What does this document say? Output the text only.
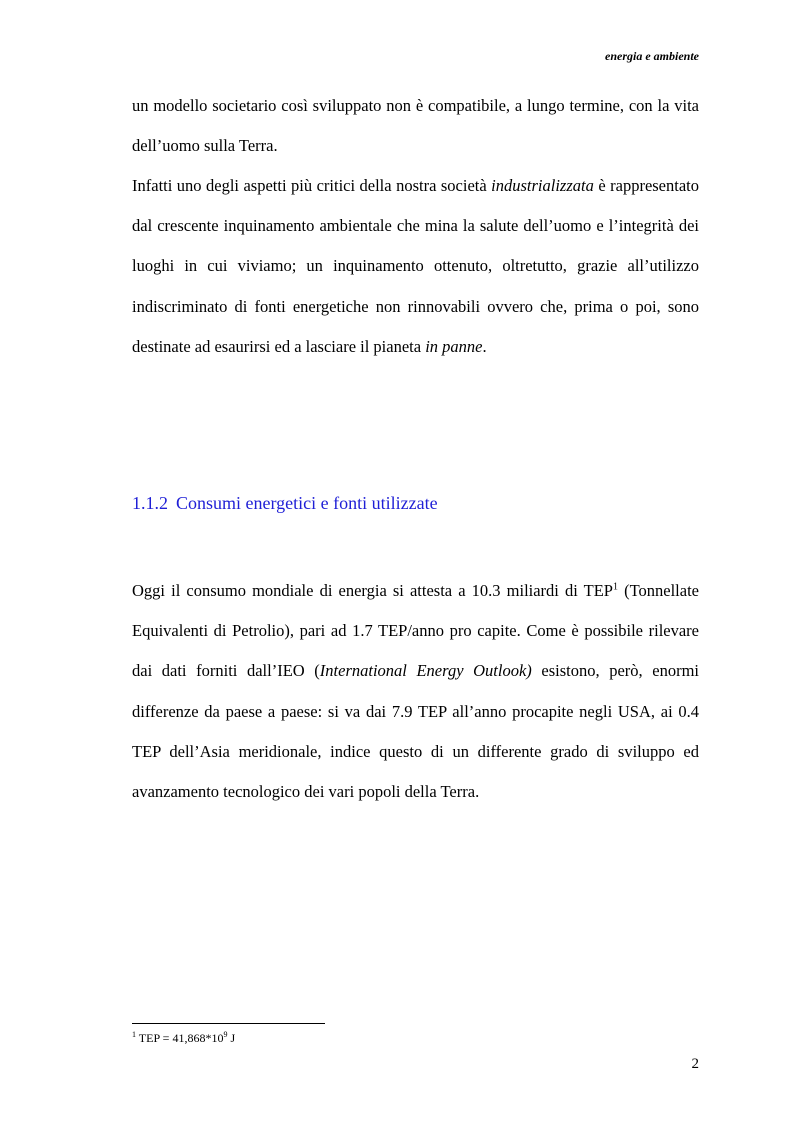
energia e ambiente

un modello societario così sviluppato non è compatibile, a lungo termine, con la vita dell’uomo sulla Terra.

Infatti uno degli aspetti più critici della nostra società industrializzata è rappresentato dal crescente inquinamento ambientale che mina la salute dell’uomo e l’integrità dei luoghi in cui viviamo; un inquinamento ottenuto, oltretutto, grazie all’utilizzo indiscriminato di fonti energetiche non rinnovabili ovvero che, prima o poi, sono destinate ad esaurirsi ed a lasciare il pianeta in panne.

1.1.2 Consumi energetici e fonti utilizzate

Oggi il consumo mondiale di energia si attesta a 10.3 miliardi di TEP$^1$ (Tonnellate Equivalenti di Petrolio), pari ad 1.7 TEP/anno pro capite. Come è possibile rilevare dai dati forniti dall’IEO (International Energy Outlook) esistono, però, enormi differenze da paese a paese: si va dai 7.9 TEP all’anno procapite negli USA, ai 0.4 TEP dell’Asia meridionale, indice questo di un differente grado di sviluppo ed avanzamento tecnologico dei vari popoli della Terra.

$^1$ TEP = $41,868*10^9$ J
2
